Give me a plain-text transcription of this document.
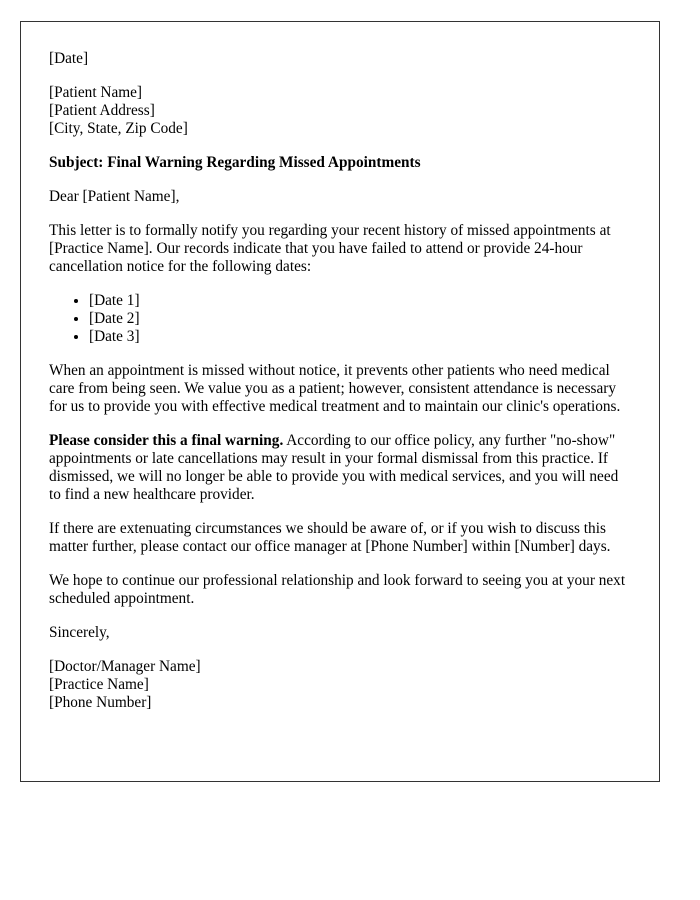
[Date]
[Patient Name]
[Patient Address]
[City, State, Zip Code]

Subject: Final Warning Regarding Missed Appointments

Dear [Patient Name],

This letter is to formally notify you regarding your recent history of missed appointments at [Practice Name]. Our records indicate that you have failed to attend or provide 24-hour cancellation notice for the following dates:

• [Date 1]
• [Date 2]
• [Date 3]

When an appointment is missed without notice, it prevents other patients who need medical care from being seen. We value you as a patient; however, consistent attendance is necessary for us to provide you with effective medical treatment and to maintain our clinic's operations.

Please consider this a final warning. According to our office policy, any further "no-show" appointments or late cancellations may result in your formal dismissal from this practice. If dismissed, we will no longer be able to provide you with medical services, and you will need to find a new healthcare provider.

If there are extenuating circumstances we should be aware of, or if you wish to discuss this matter further, please contact our office manager at [Phone Number] within [Number] days.

We hope to continue our professional relationship and look forward to seeing you at your next scheduled appointment.

Sincerely,

[Doctor/Manager Name]
[Practice Name]
[Phone Number]
